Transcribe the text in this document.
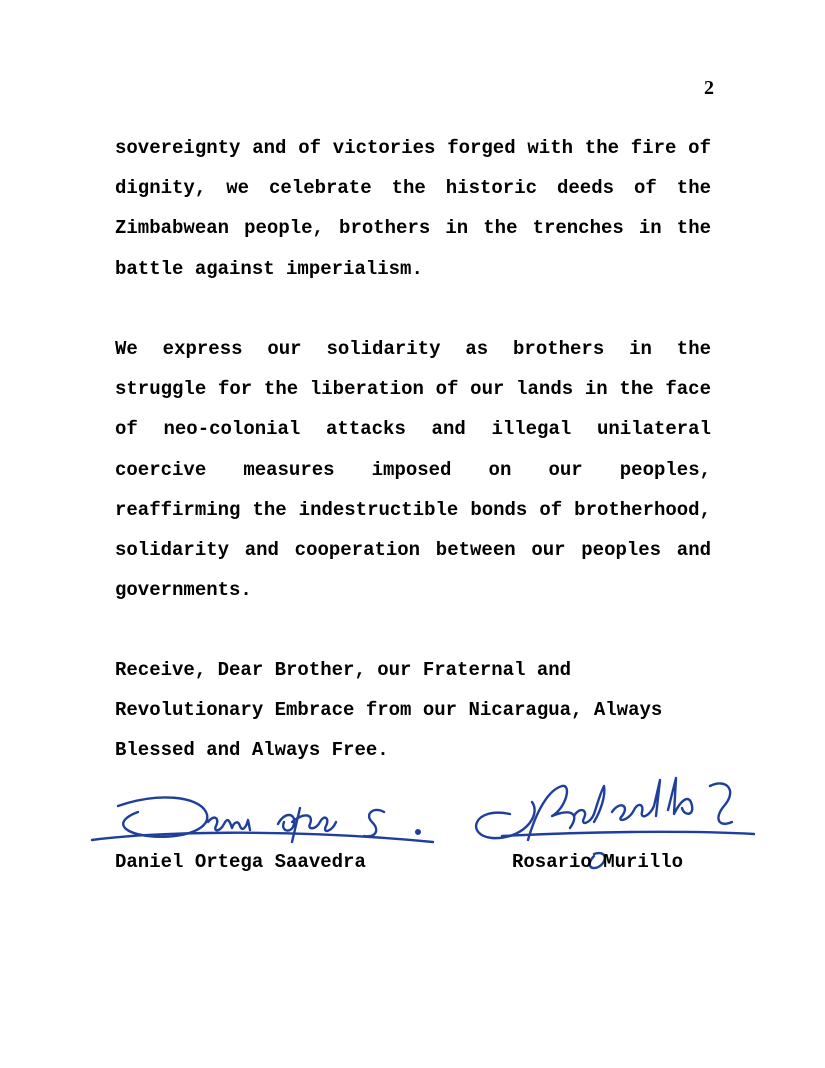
2

sovereignty and of victories forged with the fire of dignity, we celebrate the historic deeds of the Zimbabwean people, brothers in the trenches in the battle against imperialism.

We express our solidarity as brothers in the struggle for the liberation of our lands in the face of neo-colonial attacks and illegal unilateral coercive measures imposed on our peoples, reaffirming the indestructible bonds of brotherhood, solidarity and cooperation between our peoples and governments.

Receive, Dear Brother, our Fraternal and Revolutionary Embrace from our Nicaragua, Always Blessed and Always Free.

Daniel Ortega Saavedra	Rosario Murillo
